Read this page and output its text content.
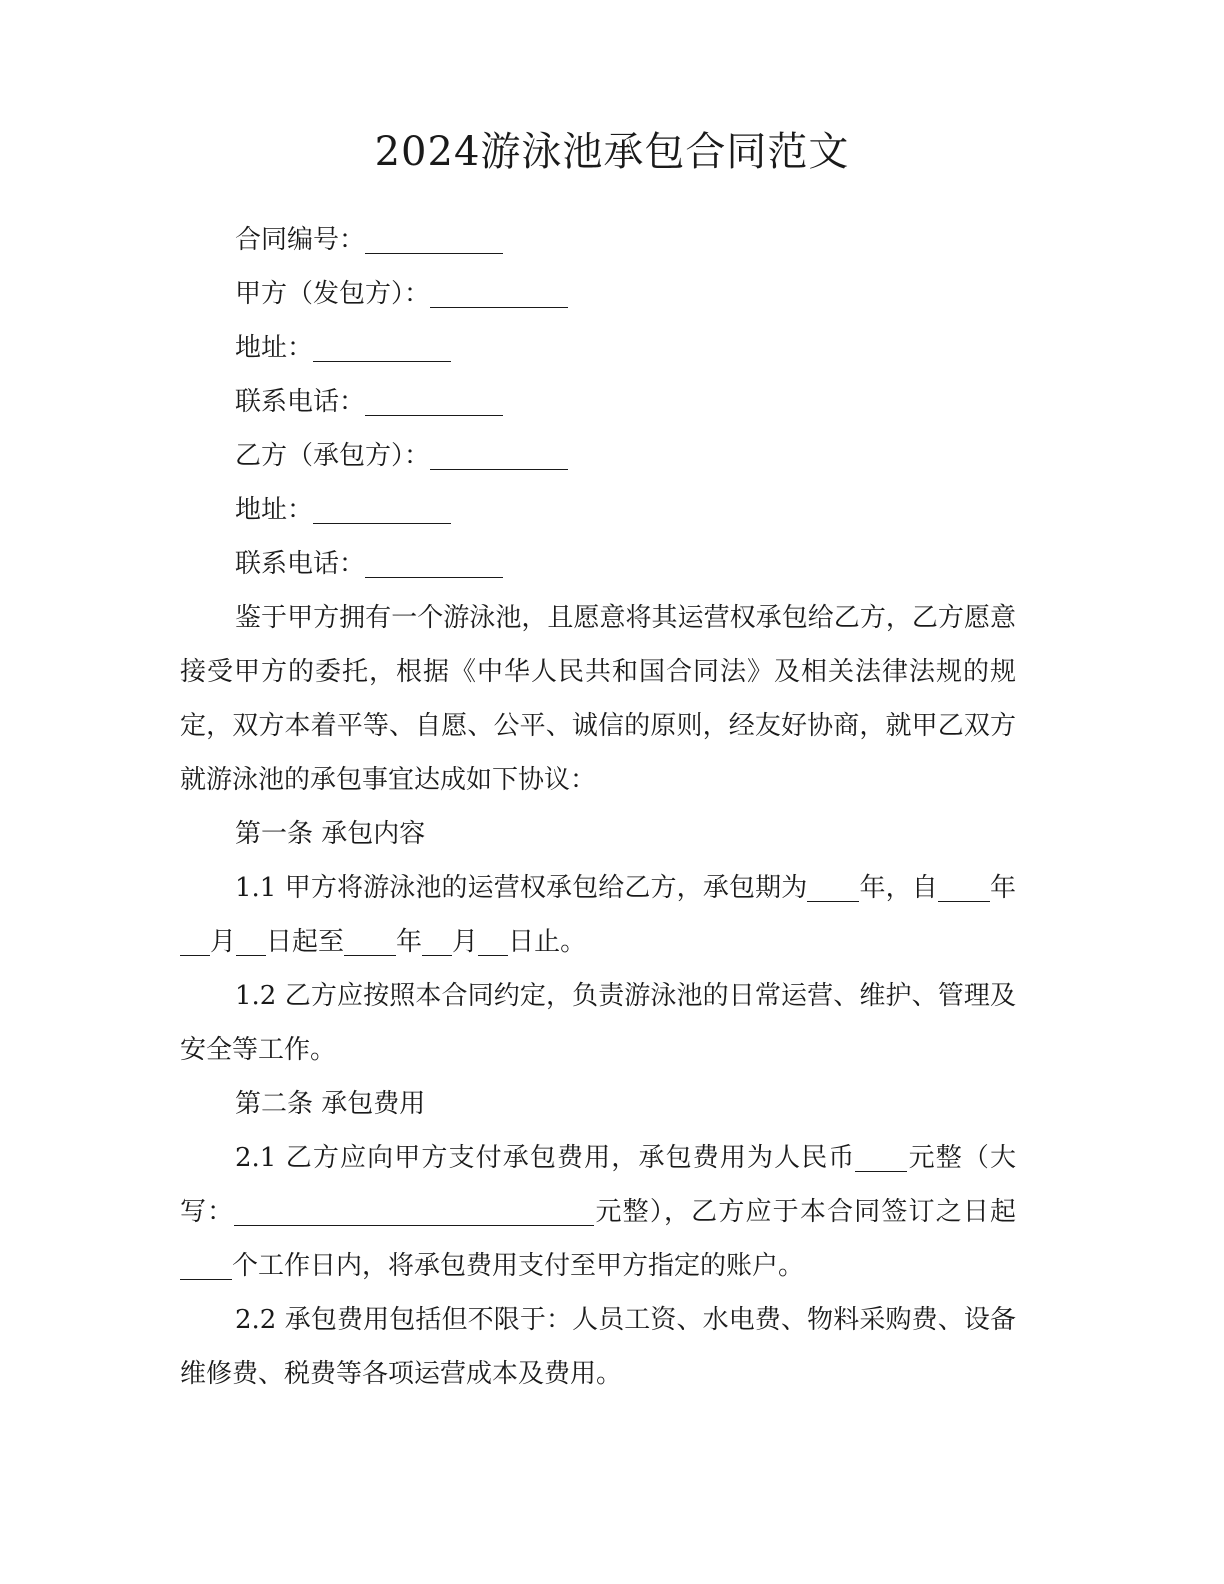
2024游泳池承包合同范文

合同编号：

甲方（发包方）：

地址：

联系电话：

乙方（承包方）：

地址：

联系电话：

鉴于甲方拥有一个游泳池，且愿意将其运营权承包给乙方，乙方愿意接受甲方的委托，根据《中华人民共和国合同法》及相关法律法规的规定，双方本着平等、自愿、公平、诚信的原则，经友好协商，就甲乙双方就游泳池的承包事宜达成如下协议：

第一条 承包内容

1.1 甲方将游泳池的运营权承包给乙方，承包期为 年，自 年月 日起至 年 月 日止。

1.2 乙方应按照本合同约定，负责游泳池的日常运营、维护、管理及安全等工作。

第二条 承包费用

2.1 乙方应向甲方支付承包费用，承包费用为人民币 元整（大写：	元整），乙方应于本合同签订之日起个工作日内，将承包费用支付至甲方指定的账户。

2.2 承包费用包括但不限于：人员工资、水电费、物料采购费、设备维修费、税费等各项运营成本及费用。
